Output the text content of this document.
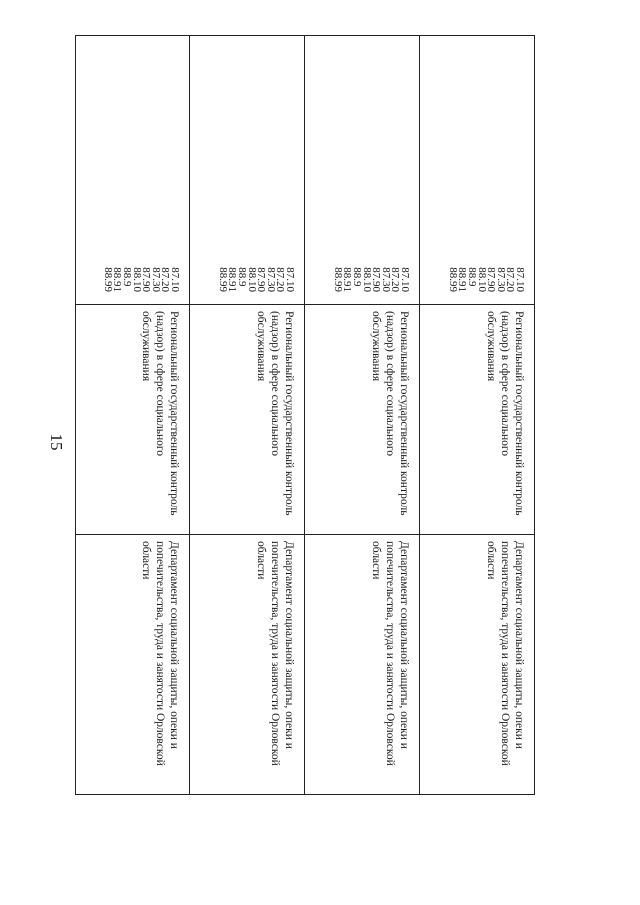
15
87.10
87.20
87.30
87.90
88.10
88.9
88.91
88.99
Региональный государственный контроль (надзор) в сфере социального обслуживания
Департамент социальной защиты, опеки и попечительства, труда и занятости Орловской области
87.10
87.20
87.30
87.90
88.10
88.9
88.91
88.99
Региональный государственный контроль (надзор) в сфере социального обслуживания
Департамент социальной защиты, опеки и попечительства, труда и занятости Орловской области
87.10
87.20
87.30
87.90
88.10
88.9
88.91
88.99
Региональный государственный контроль (надзор) в сфере социального обслуживания
Департамент социальной защиты, опеки и попечительства, труда и занятости Орловской области
87.10
87.20
87.30
87.90
88.10
88.9
88.91
88.99
Региональный государственный контроль (надзор) в сфере социального обслуживания
Департамент социальной защиты, опеки и попечительства, труда и занятости Орловской области
